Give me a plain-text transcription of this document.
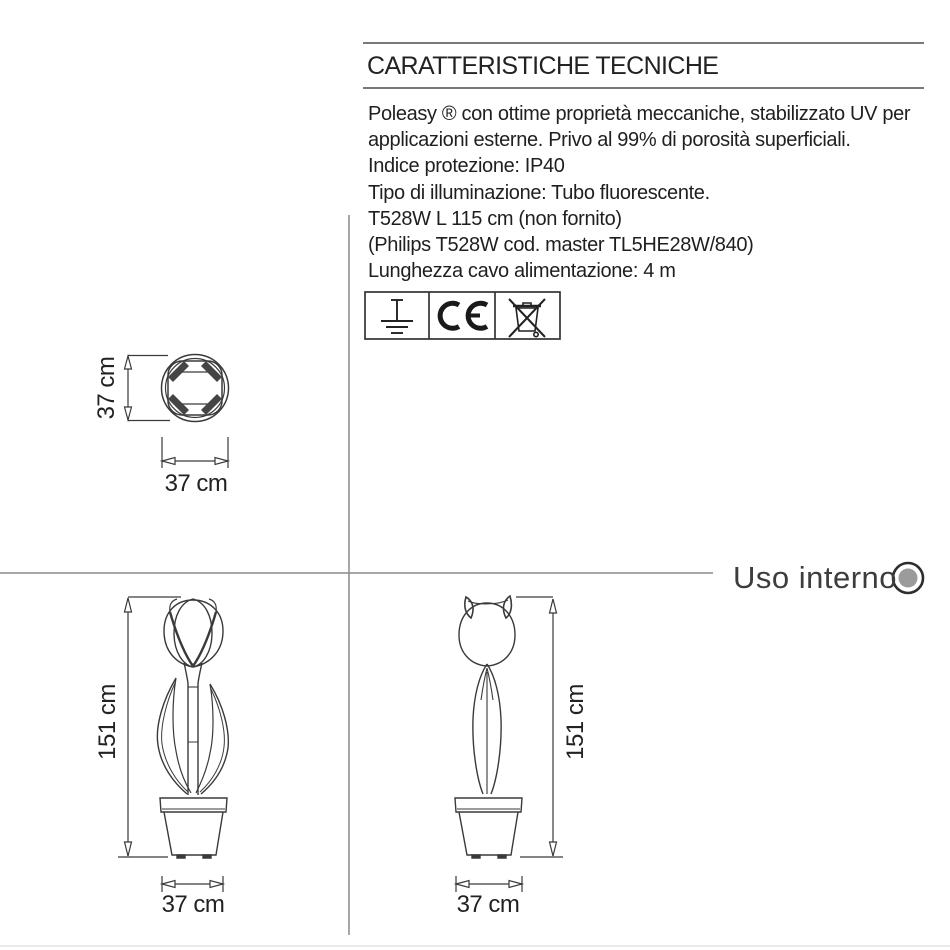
CARATTERISTICHE TECNICHE
Poleasy ® con ottime proprietà meccaniche, stabilizzato UV per
applicazioni esterne. Privo al 99% di porosità superficiali.
Indice protezione: IP40
Tipo di illuminazione: Tubo fluorescente.
T528W L 115 cm (non fornito)
(Philips T528W cod. master TL5HE28W/840)
Lunghezza cavo alimentazione: 4 m
37 cm
37 cm
151 cm
37 cm
151 cm
37 cm
Uso interno
